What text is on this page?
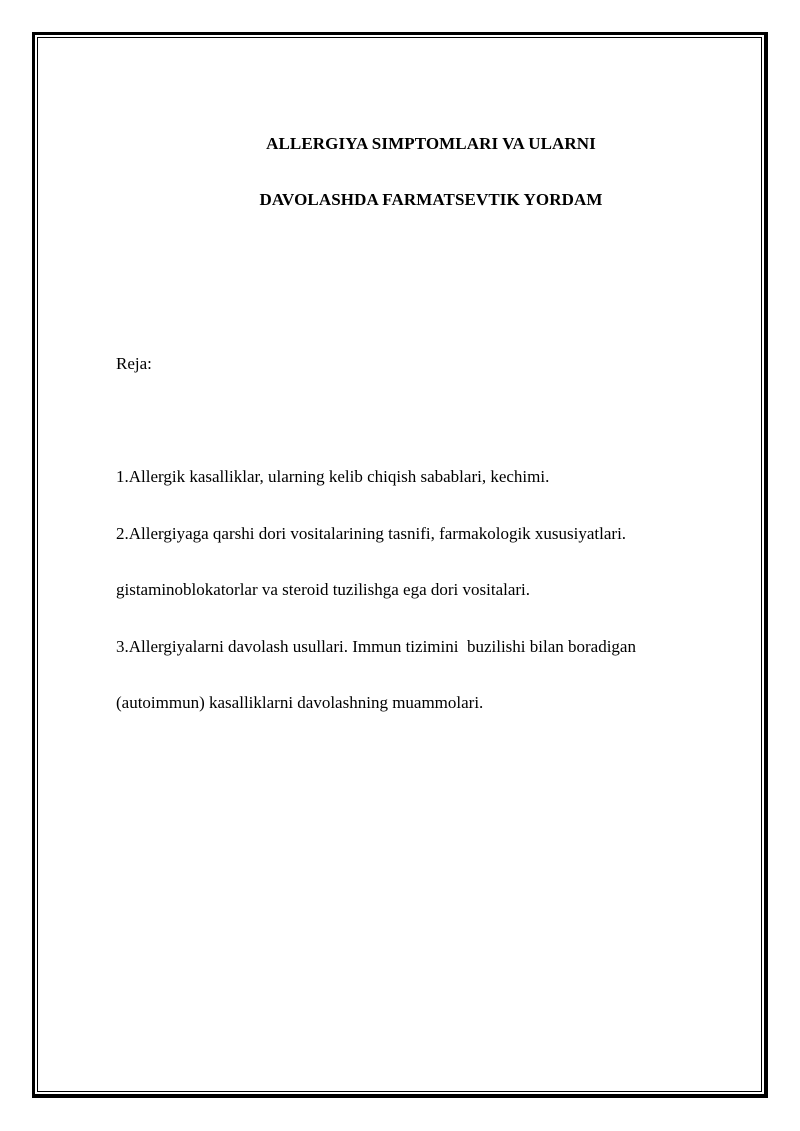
ALLERGIYA SIMPTOMLARI VA ULARNI
DAVOLASHDA FARMATSEVTIK YORDAM
Reja:
1.Allergik kasalliklar, ularning kelib chiqish sabablari, kechimi.
2.Allergiyaga qarshi dori vositalarining tasnifi, farmakologik xususiyatlari.
gistaminoblokatorlar va steroid tuzilishga ega dori vositalari.
3.Allergiyalarni davolash usullari. Immun tizimini  buzilishi bilan boradigan
(autoimmun) kasalliklarni davolashning muammolari.
